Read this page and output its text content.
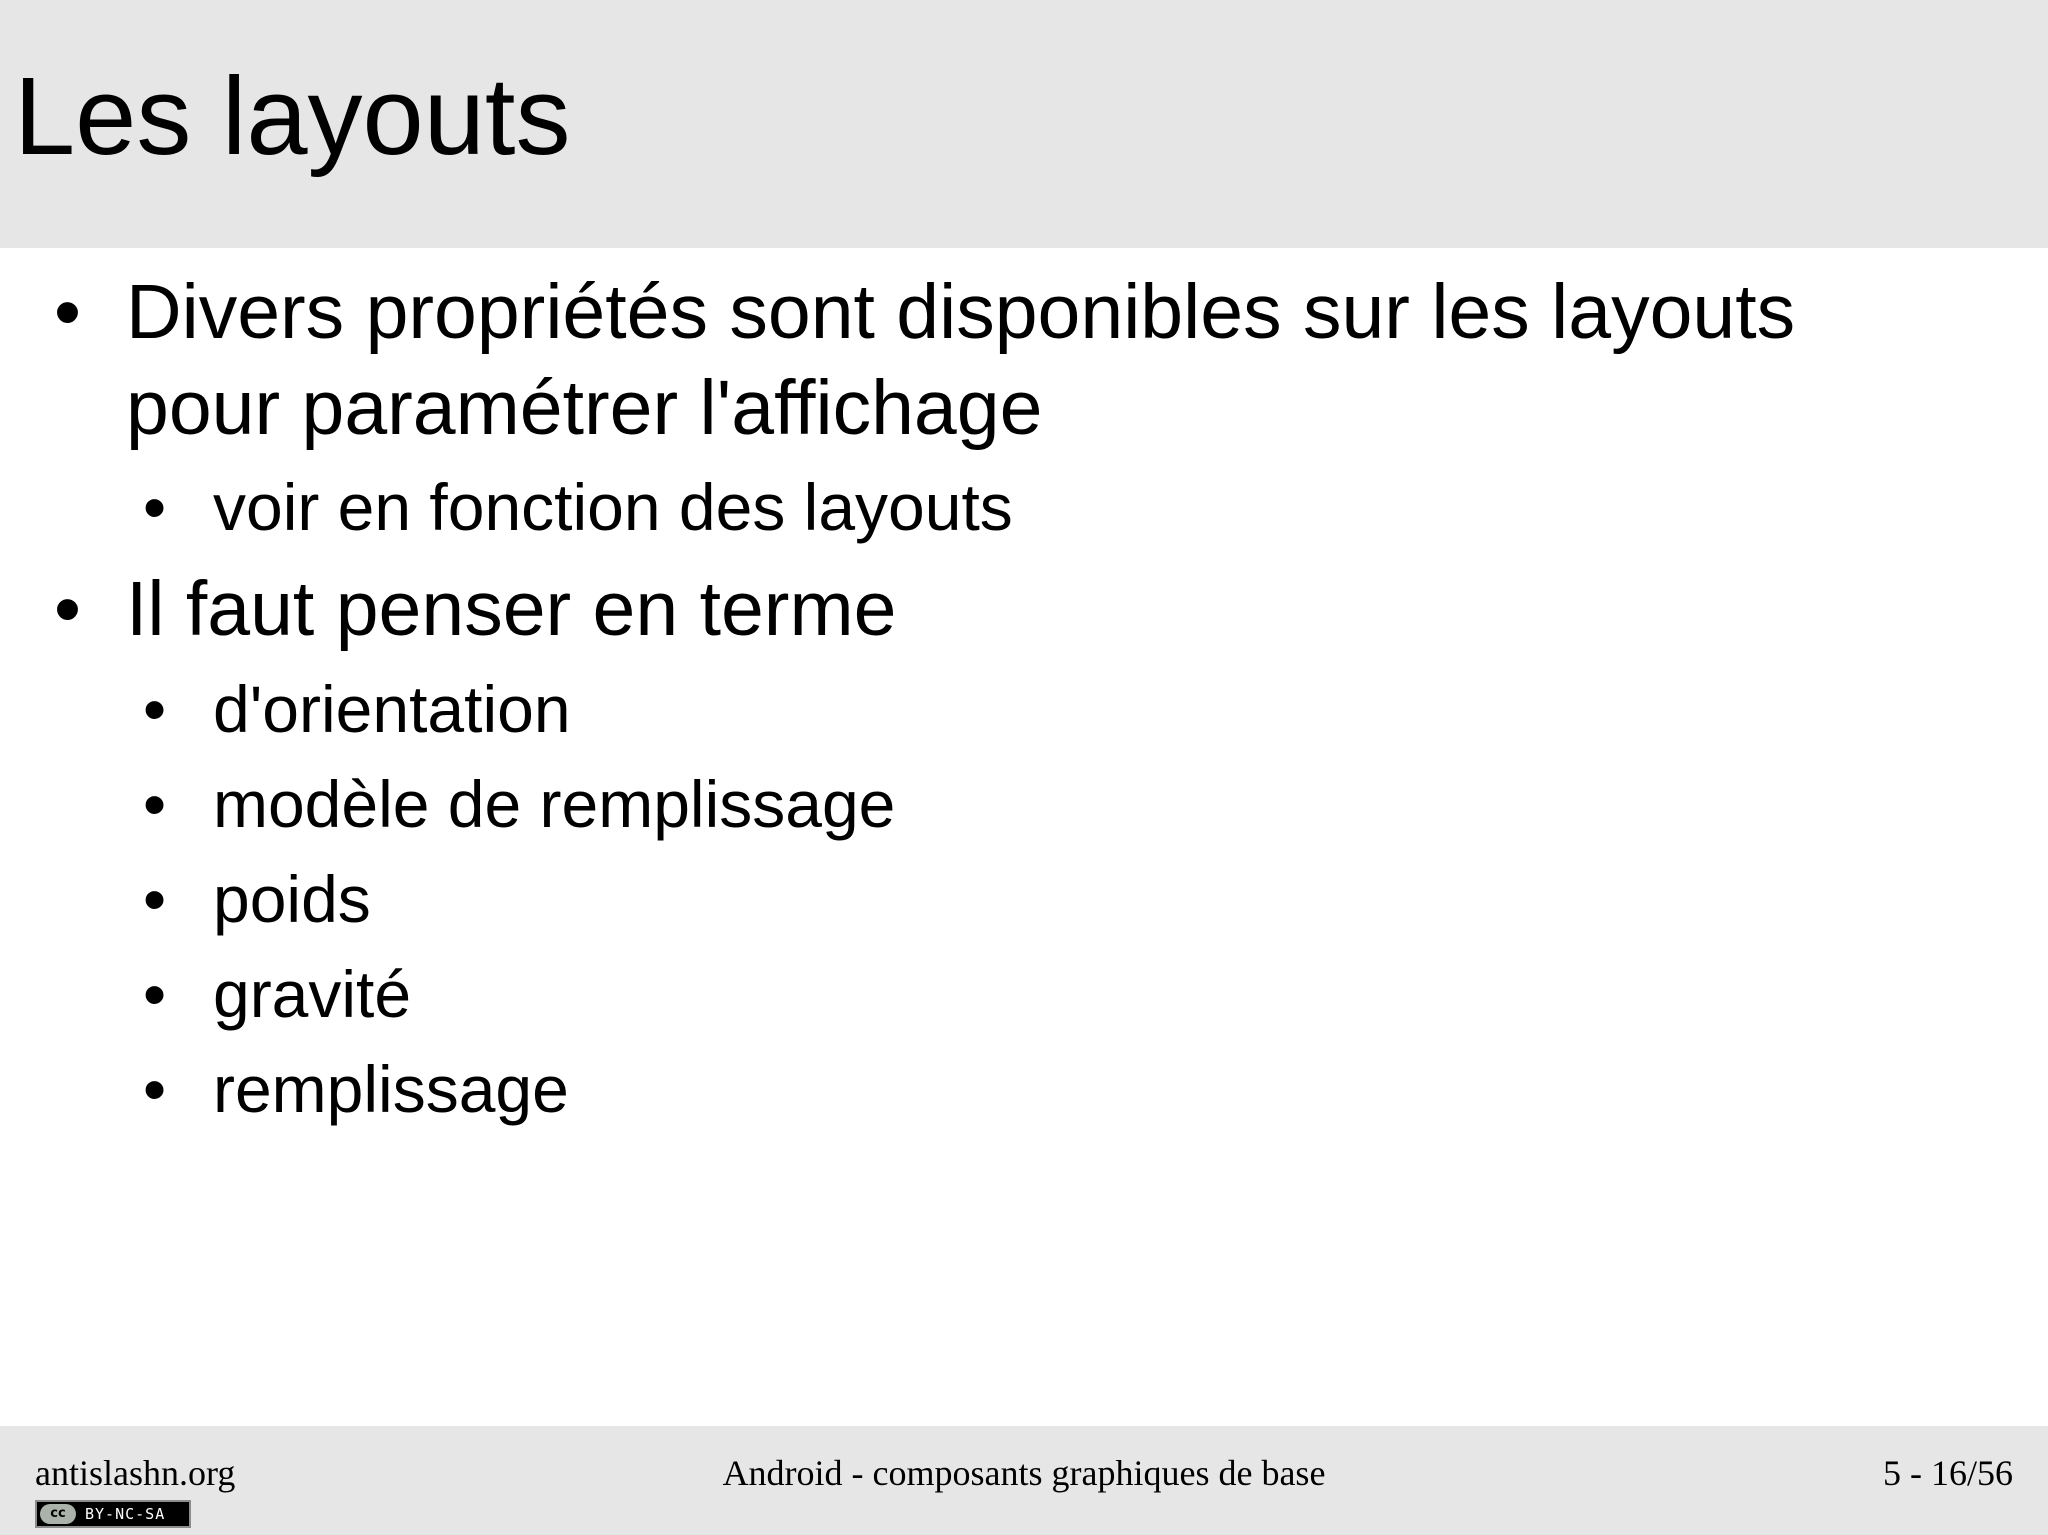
Les layouts
• Divers propriétés sont disponibles sur les layouts
pour paramétrer l'affichage
• voir en fonction des layouts
• Il faut penser en terme
• d'orientation
• modèle de remplissage
• poids
• gravité
• remplissage
antislashn.org	Android - composants graphiques de base	5 - 16/56
cc	BY-NC-SA
